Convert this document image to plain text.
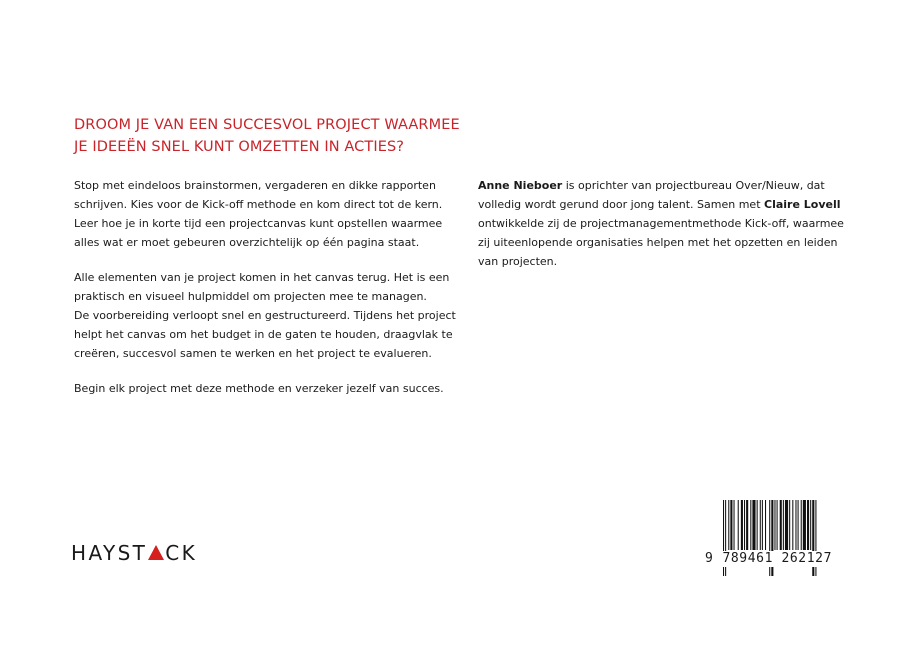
DROOM JE VAN EEN SUCCESVOL PROJECT WAARMEE
JE IDEEËN SNEL KUNT OMZETTEN IN ACTIES?

Stop met eindeloos brainstormen, vergaderen en dikke rapporten
schrijven. Kies voor de Kick-off methode en kom direct tot de kern.
Leer hoe je in korte tijd een projectcanvas kunt opstellen waarmee
alles wat er moet gebeuren overzichtelijk op één pagina staat.

Alle elementen van je project komen in het canvas terug. Het is een
praktisch en visueel hulpmiddel om projecten mee te managen.
De voorbereiding verloopt snel en gestructureerd. Tijdens het project
helpt het canvas om het budget in de gaten te houden, draagvlak te
creëren, succesvol samen te werken en het project te evalueren.

Begin elk project met deze methode en verzeker jezelf van succes.

Anne Nieboer is oprichter van projectbureau Over/Nieuw, dat
volledig wordt gerund door jong talent. Samen met Claire Lovell
ontwikkelde zij de projectmanagementmethode Kick-off, waarmee
zij uiteenlopende organisaties helpen met het opzetten en leiden
van projecten.

HAYST CK	9 789461 262127
